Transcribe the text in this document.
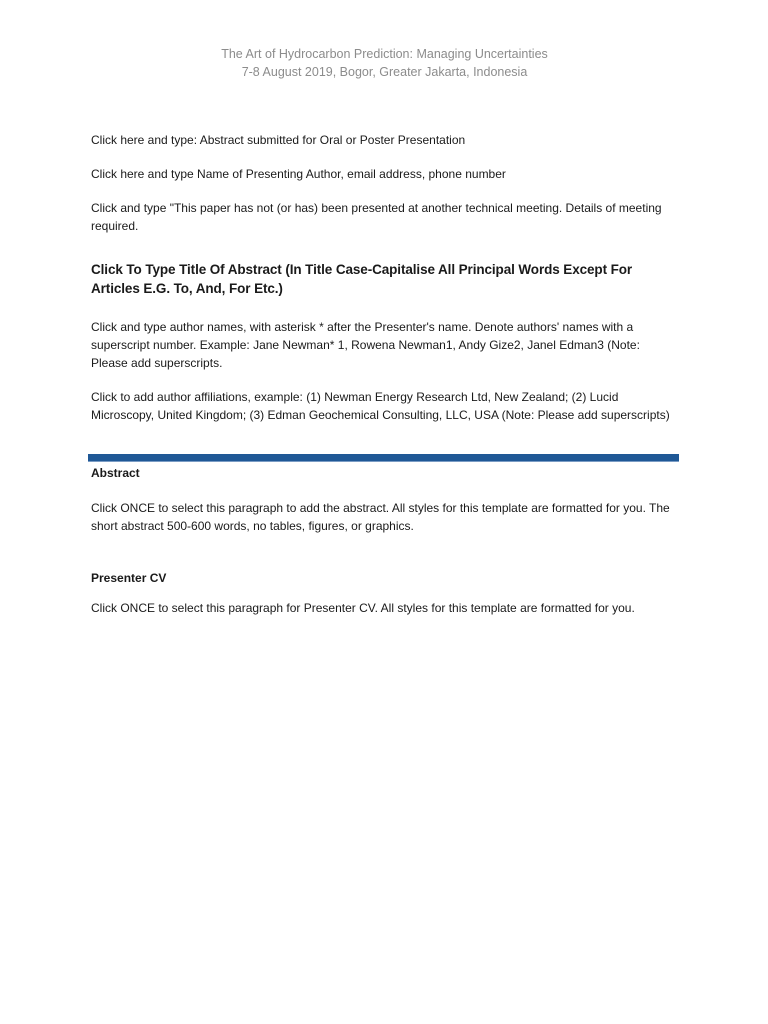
The Art of Hydrocarbon Prediction: Managing Uncertainties
7-8 August 2019, Bogor, Greater Jakarta, Indonesia

Click here and type: Abstract submitted for Oral or Poster Presentation

Click here and type Name of Presenting Author, email address, phone number

Click and type "This paper has not (or has) been presented at another technical meeting. Details of meeting required.

Click To Type Title Of Abstract (In Title Case-Capitalise All Principal Words Except For Articles E.G. To, And, For Etc.)

Click and type author names, with asterisk * after the Presenter's name. Denote authors' names with a superscript number. Example: Jane Newman* 1, Rowena Newman1, Andy Gize2, Janel Edman3 (Note: Please add superscripts.

Click to add author affiliations, example: (1) Newman Energy Research Ltd, New Zealand; (2) Lucid Microscopy, United Kingdom; (3) Edman Geochemical Consulting, LLC, USA (Note: Please add superscripts)

Abstract

Click ONCE to select this paragraph to add the abstract. All styles for this template are formatted for you. The short abstract 500-600 words, no tables, figures, or graphics.

Presenter CV

Click ONCE to select this paragraph for Presenter CV. All styles for this template are formatted for you.
